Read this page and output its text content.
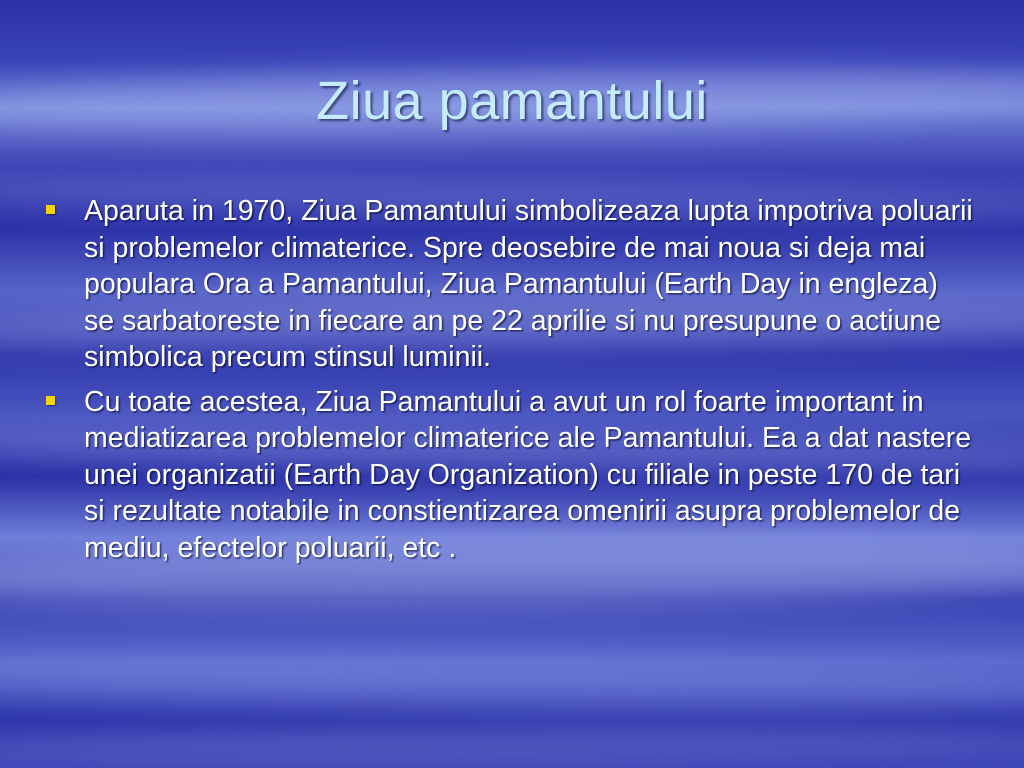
Ziua pamantului
Aparuta in 1970, Ziua Pamantului simbolizeaza lupta impotriva poluarii si problemelor climaterice. Spre deosebire de mai noua si deja mai populara Ora a Pamantului, Ziua Pamantului (Earth Day in engleza) se sarbatoreste in fiecare an pe 22 aprilie si nu presupune o actiune simbolica precum stinsul luminii.
Cu toate acestea, Ziua Pamantului a avut un rol foarte important in mediatizarea problemelor climaterice ale Pamantului. Ea a dat nastere unei organizatii (Earth Day Organization) cu filiale in peste 170 de tari si rezultate notabile in constientizarea omenirii asupra problemelor de mediu, efectelor poluarii, etc .
